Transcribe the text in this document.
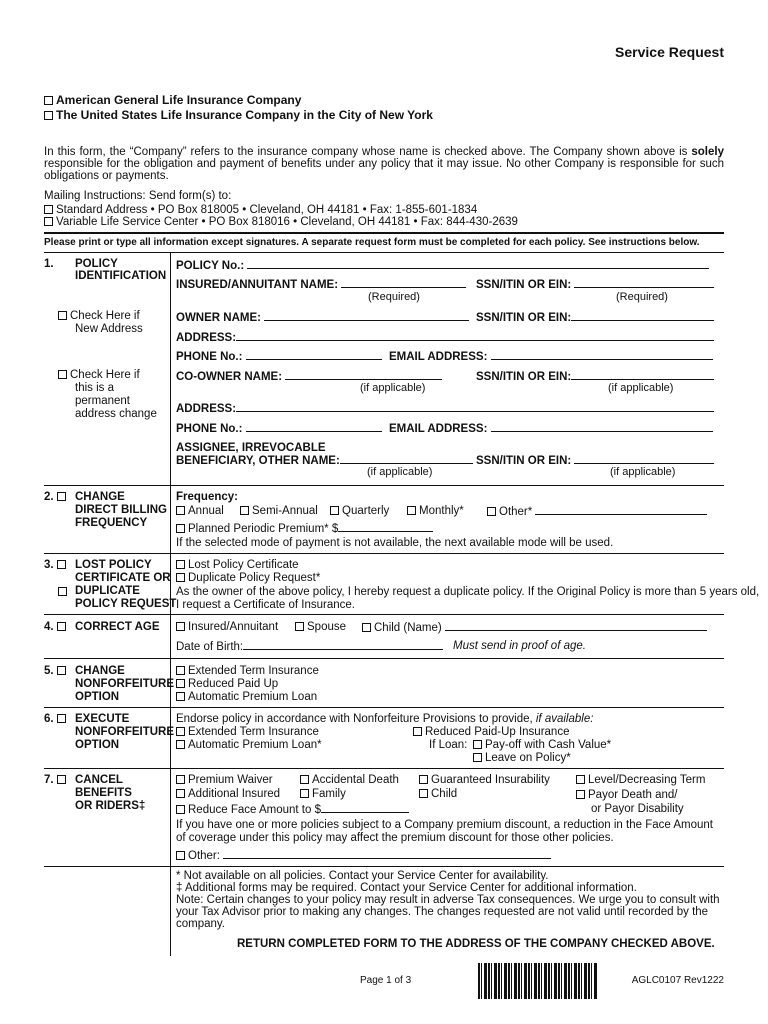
Service Request
American General Life Insurance Company
The United States Life Insurance Company in the City of New York
In this form, the “Company” refers to the insurance company whose name is checked above. The Company shown above is solely responsible for the obligation and payment of benefits under any policy that it may issue. No other Company is responsible for such obligations or payments.
Mailing Instructions: Send form(s) to:
Standard Address • PO Box 818005 • Cleveland, OH 44181 • Fax: 1-855-601-1834
Variable Life Service Center • PO Box 818016 • Cleveland, OH 44181 • Fax: 844-430-2639
Please print or type all information except signatures. A separate request form must be completed for each policy. See instructions below.
1. POLICY
IDENTIFICATION
Check Here if
New Address
Check Here if
this is a
permanent
address change
POLICY No.:
INSURED/ANNUITANT NAME:	SSN/ITIN OR EIN:
(Required)	(Required)
OWNER NAME:	SSN/ITIN OR EIN:
ADDRESS:
PHONE No.:	EMAIL ADDRESS:
CO-OWNER NAME:	SSN/ITIN OR EIN:
(if applicable)	(if applicable)
ADDRESS:
PHONE No.:	EMAIL ADDRESS:
ASSIGNEE, IRREVOCABLE
BENEFICIARY, OTHER NAME:	SSN/ITIN OR EIN:
(if applicable)	(if applicable)
2.	CHANGE
DIRECT BILLING
FREQUENCY
Frequency:
Annual	Semi-Annual	Quarterly	Monthly*	Other*
Planned Periodic Premium* $
If the selected mode of payment is not available, the next available mode will be used.
3.	LOST POLICY
CERTIFICATE OR
DUPLICATE
POLICY REQUEST
Lost Policy Certificate
Duplicate Policy Request*
As the owner of the above policy, I hereby request a duplicate policy. If the Original Policy is more than 5 years old,
I request a Certificate of Insurance.
4.	CORRECT AGE	Insured/Annuitant	Spouse	Child (Name)
Date of Birth:	Must send in proof of age.
5.	CHANGE
NONFORFEITURE
OPTION
Extended Term Insurance
Reduced Paid Up
Automatic Premium Loan
6.	EXECUTE
NONFORFEITURE
OPTION
Endorse policy in accordance with Nonforfeiture Provisions to provide, if available:
Extended Term Insurance	Reduced Paid-Up Insurance
Automatic Premium Loan*	If Loan:	Pay-off with Cash Value*
Leave on Policy*
7.	CANCEL
BENEFITS
OR RIDERS‡
Premium Waiver	Accidental Death	Guaranteed Insurability	Level/Decreasing Term
Additional Insured	Family	Child	Payor Death and/
or Payor Disability
Reduce Face Amount to $
If you have one or more policies subject to a Company premium discount, a reduction in the Face Amount
of coverage under this policy may affect the premium discount for those other policies.
Other:
* Not available on all policies. Contact your Service Center for availability.
‡ Additional forms may be required. Contact your Service Center for additional information.
Note: Certain changes to your policy may result in adverse Tax consequences. We urge you to consult with
your Tax Advisor prior to making any changes. The changes requested are not valid until recorded by the
company.
RETURN COMPLETED FORM TO THE ADDRESS OF THE COMPANY CHECKED ABOVE.
Page 1 of 3	AGLC0107 Rev1222
